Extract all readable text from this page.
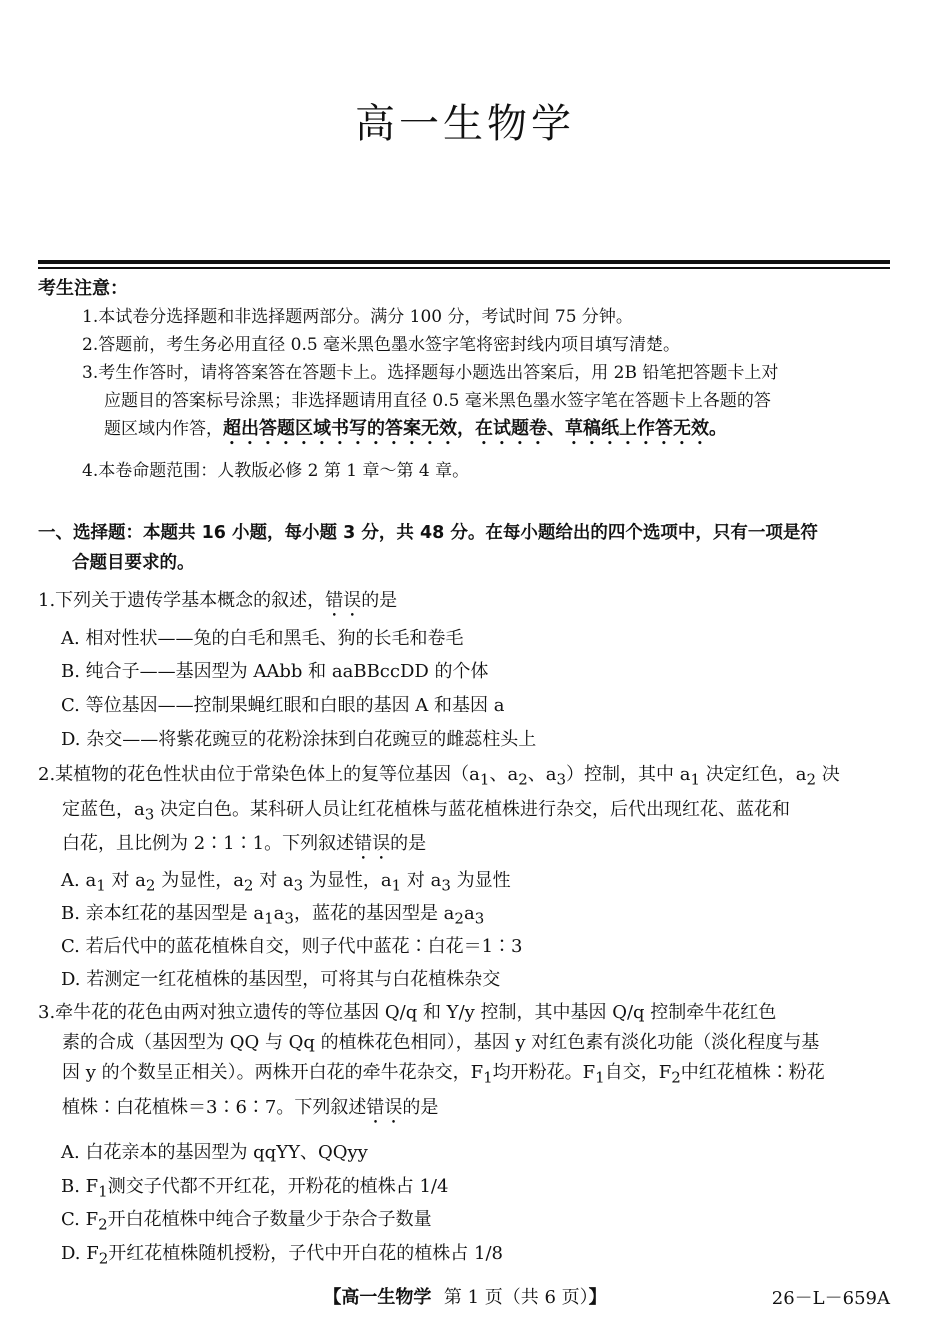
高一生物学
考生注意：
1.本试卷分选择题和非选择题两部分。满分 100 分，考试时间 75 分钟。
2.答题前，考生务必用直径 0.5 毫米黑色墨水签字笔将密封线内项目填写清楚。
3.考生作答时，请将答案答在答题卡上。选择题每小题选出答案后，用 2B 铅笔把答题卡上对
应题目的答案标号涂黑；非选择题请用直径 0.5 毫米黑色墨水签字笔在答题卡上各题的答
题区域内作答，超出答题区域书写的答案无效，在试题卷、草稿纸上作答无效。
4.本卷命题范围：人教版必修 2 第 1 章～第 4 章。
一、选择题：本题共 16 小题，每小题 3 分，共 48 分。在每小题给出的四个选项中，只有一项是符
合题目要求的。
1.下列关于遗传学基本概念的叙述，错误的是
A. 相对性状——兔的白毛和黑毛、狗的长毛和卷毛
B. 纯合子——基因型为 AAbb 和 aaBBccDD 的个体
C. 等位基因——控制果蝇红眼和白眼的基因 A 和基因 a
D. 杂交——将紫花豌豆的花粉涂抹到白花豌豆的雌蕊柱头上
2.某植物的花色性状由位于常染色体上的复等位基因（$a_1$、$a_2$、$a_3$）控制，其中 $a_1$ 决定红色，$a_2$ 决
定蓝色，$a_3$ 决定白色。某科研人员让红花植株与蓝花植株进行杂交，后代出现红花、蓝花和
白花，且比例为 2∶1∶1。下列叙述错误的是
A. $a_1$ 对 $a_2$ 为显性，$a_2$ 对 $a_3$ 为显性，$a_1$ 对 $a_3$ 为显性
B. 亲本红花的基因型是 $a_1a_3$，蓝花的基因型是 $a_2a_3$
C. 若后代中的蓝花植株自交，则子代中蓝花∶白花＝1∶3
D. 若测定一红花植株的基因型，可将其与白花植株杂交
3.牵牛花的花色由两对独立遗传的等位基因 Q/q 和 Y/y 控制，其中基因 Q/q 控制牵牛花红色
素的合成（基因型为 QQ 与 Qq 的植株花色相同），基因 y 对红色素有淡化功能（淡化程度与基
因 y 的个数呈正相关）。两株开白花的牵牛花杂交，$F_1$均开粉花。$F_1$自交，$F_2$中红花植株∶粉花
植株∶白花植株＝3∶6∶7。下列叙述错误的是
A. 白花亲本的基因型为 qqYY、QQyy
B. $F_1$测交子代都不开红花，开粉花的植株占 1/4
C. $F_2$开白花植株中纯合子数量少于杂合子数量
D. $F_2$开红花植株随机授粉，子代中开白花的植株占 1/8
【高一生物学 第 1 页（共 6 页）】	26－L－659A
